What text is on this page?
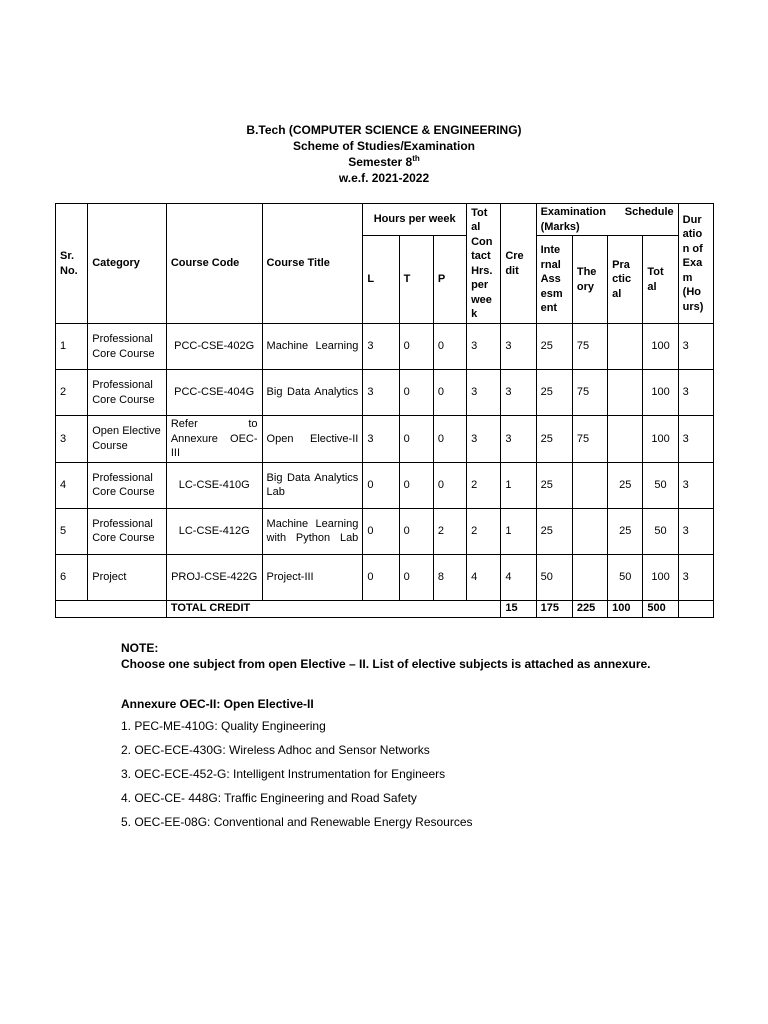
B.Tech (COMPUTER SCIENCE & ENGINEERING)
Scheme of Studies/Examination
Semester 8th
w.e.f. 2021-2022
Sr. No.	Category	Course Code	Course Title	Hours per week			Tot al Con tact Hrs. per wee k	Cre dit	Examination Schedule (Marks)				Dur atio n of Exa m (Ho urs)
				L	T	P			Inte rnal Ass esm ent	The ory	Pra ctic al	Tot al	
1	Professional Core Course	PCC-CSE-402G	Machine Learning	3	0	0	3	3	25	75		100	3
2	Professional Core Course	PCC-CSE-404G	Big Data Analytics	3	0	0	3	3	25	75		100	3
3	Open Elective Course	Refer to Annexure OEC-III	Open Elective-II	3	0	0	3	3	25	75		100	3
4	Professional Core Course	LC-CSE-410G	Big Data Analytics Lab	0	0	0	2	1	25		25	50	3
5	Professional Core Course	LC-CSE-412G	Machine Learning with Python Lab	0	0	2	2	1	25		25	50	3
6	Project	PROJ-CSE-422G	Project-III	0	0	8	4	4	50		50	100	3
		TOTAL CREDIT						15	175	225	100	500	
NOTE:
Choose one subject from open Elective – II. List of elective subjects is attached as annexure.
Annexure OEC-II: Open Elective-II
1. PEC-ME-410G: Quality Engineering
2. OEC-ECE-430G: Wireless Adhoc and Sensor Networks
3. OEC-ECE-452-G: Intelligent Instrumentation for Engineers
4. OEC-CE- 448G: Traffic Engineering and Road Safety
5. OEC-EE-08G: Conventional and Renewable Energy Resources
